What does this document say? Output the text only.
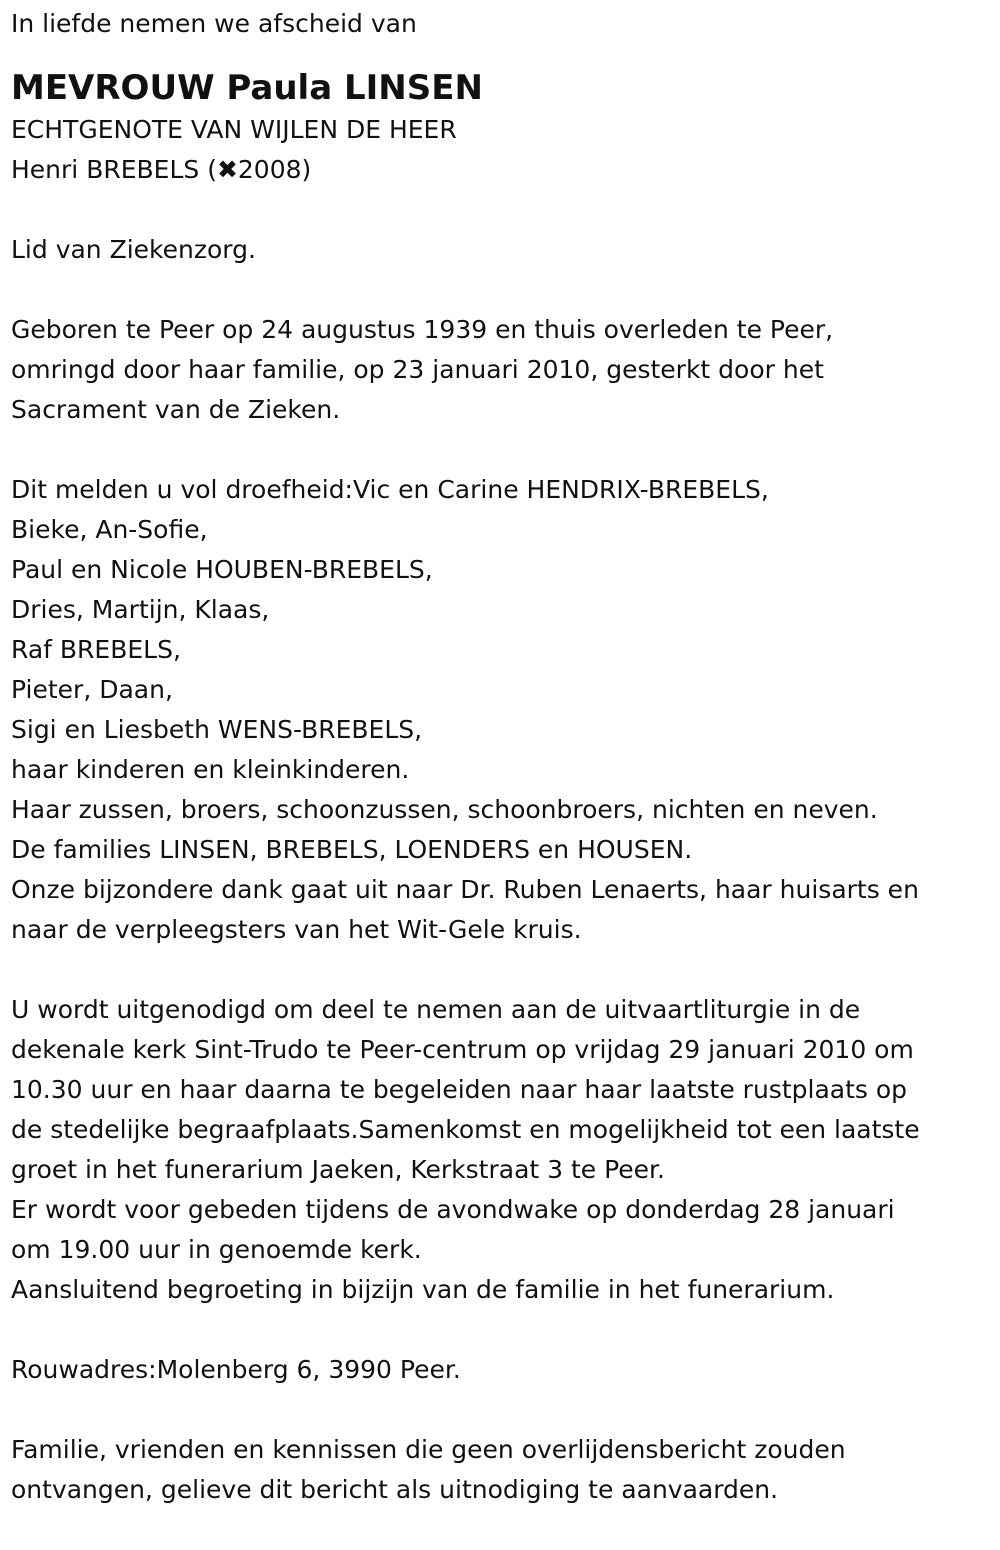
In liefde nemen we afscheid van

MEVROUW Paula LINSEN

ECHTGENOTE VAN WIJLEN DE HEER

Henri BREBELS (✖2008)

Lid van Ziekenzorg.

Geboren te Peer op 24 augustus 1939 en thuis overleden te Peer,

omringd door haar familie, op 23 januari 2010, gesterkt door het

Sacrament van de Zieken.

Dit melden u vol droefheid:Vic en Carine HENDRIX-BREBELS,

Bieke, An-Sofie,

Paul en Nicole HOUBEN-BREBELS,

Dries, Martijn, Klaas,

Raf BREBELS,

Pieter, Daan,

Sigi en Liesbeth WENS-BREBELS,

haar kinderen en kleinkinderen.

Haar zussen, broers, schoonzussen, schoonbroers, nichten en neven.

De families LINSEN, BREBELS, LOENDERS en HOUSEN.

Onze bijzondere dank gaat uit naar Dr. Ruben Lenaerts, haar huisarts en

naar de verpleegsters van het Wit-Gele kruis.

U wordt uitgenodigd om deel te nemen aan de uitvaartliturgie in de

dekenale kerk Sint-Trudo te Peer-centrum op vrijdag 29 januari 2010 om

10.30 uur en haar daarna te begeleiden naar haar laatste rustplaats op

de stedelijke begraafplaats.Samenkomst en mogelijkheid tot een laatste

groet in het funerarium Jaeken, Kerkstraat 3 te Peer.

Er wordt voor gebeden tijdens de avondwake op donderdag 28 januari

om 19.00 uur in genoemde kerk.

Aansluitend begroeting in bijzijn van de familie in het funerarium.

Rouwadres:Molenberg 6, 3990 Peer.

Familie, vrienden en kennissen die geen overlijdensbericht zouden

ontvangen, gelieve dit bericht als uitnodiging te aanvaarden.
